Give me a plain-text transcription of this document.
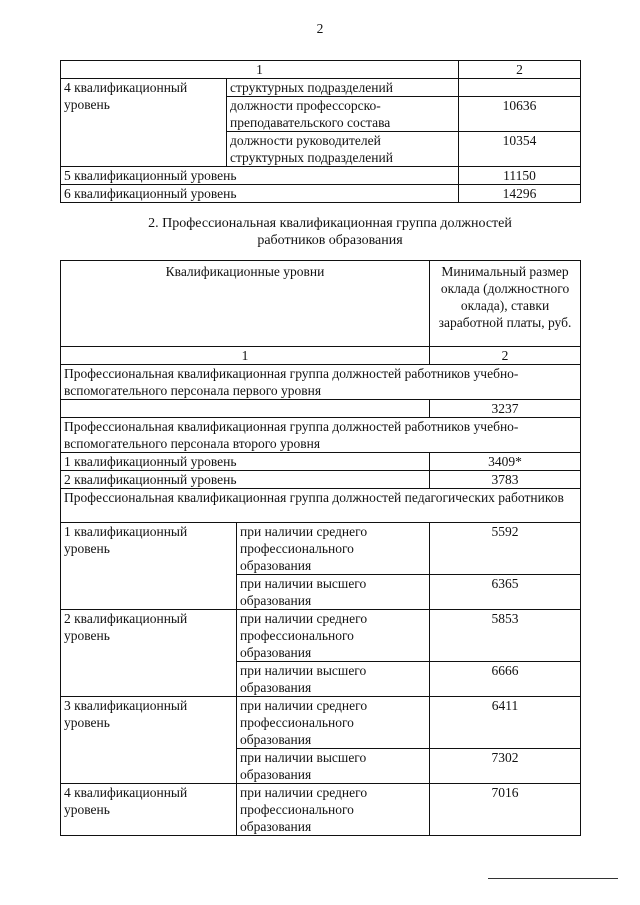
2
1		2
4 квалификационный уровень	структурных подразделений	
	должности профессорско-преподавательского состава	10636
	должности руководителей структурных подразделений	10354
5 квалификационный уровень		11150
6 квалификационный уровень		14296
2. Профессиональная квалификационная группа должностей
работников образования
Квалификационные уровни		Минимальный размер оклада (должностного оклада), ставки заработной платы, руб.
1		2
Профессиональная квалификационная группа должностей работников учебно-вспомогательного персонала первого уровня		
		3237
Профессиональная квалификационная группа должностей работников учебно-вспомогательного персонала второго уровня		
1 квалификационный уровень		3409*
2 квалификационный уровень		3783
Профессиональная квалификационная группа должностей педагогических работников		
1 квалификационный уровень	при наличии среднего профессионального образования	5592
	при наличии высшего образования	6365
2 квалификационный уровень	при наличии среднего профессионального образования	5853
	при наличии высшего образования	6666
3 квалификационный уровень	при наличии среднего профессионального образования	6411
	при наличии высшего образования	7302
4 квалификационный уровень	при наличии среднего профессионального образования	7016
